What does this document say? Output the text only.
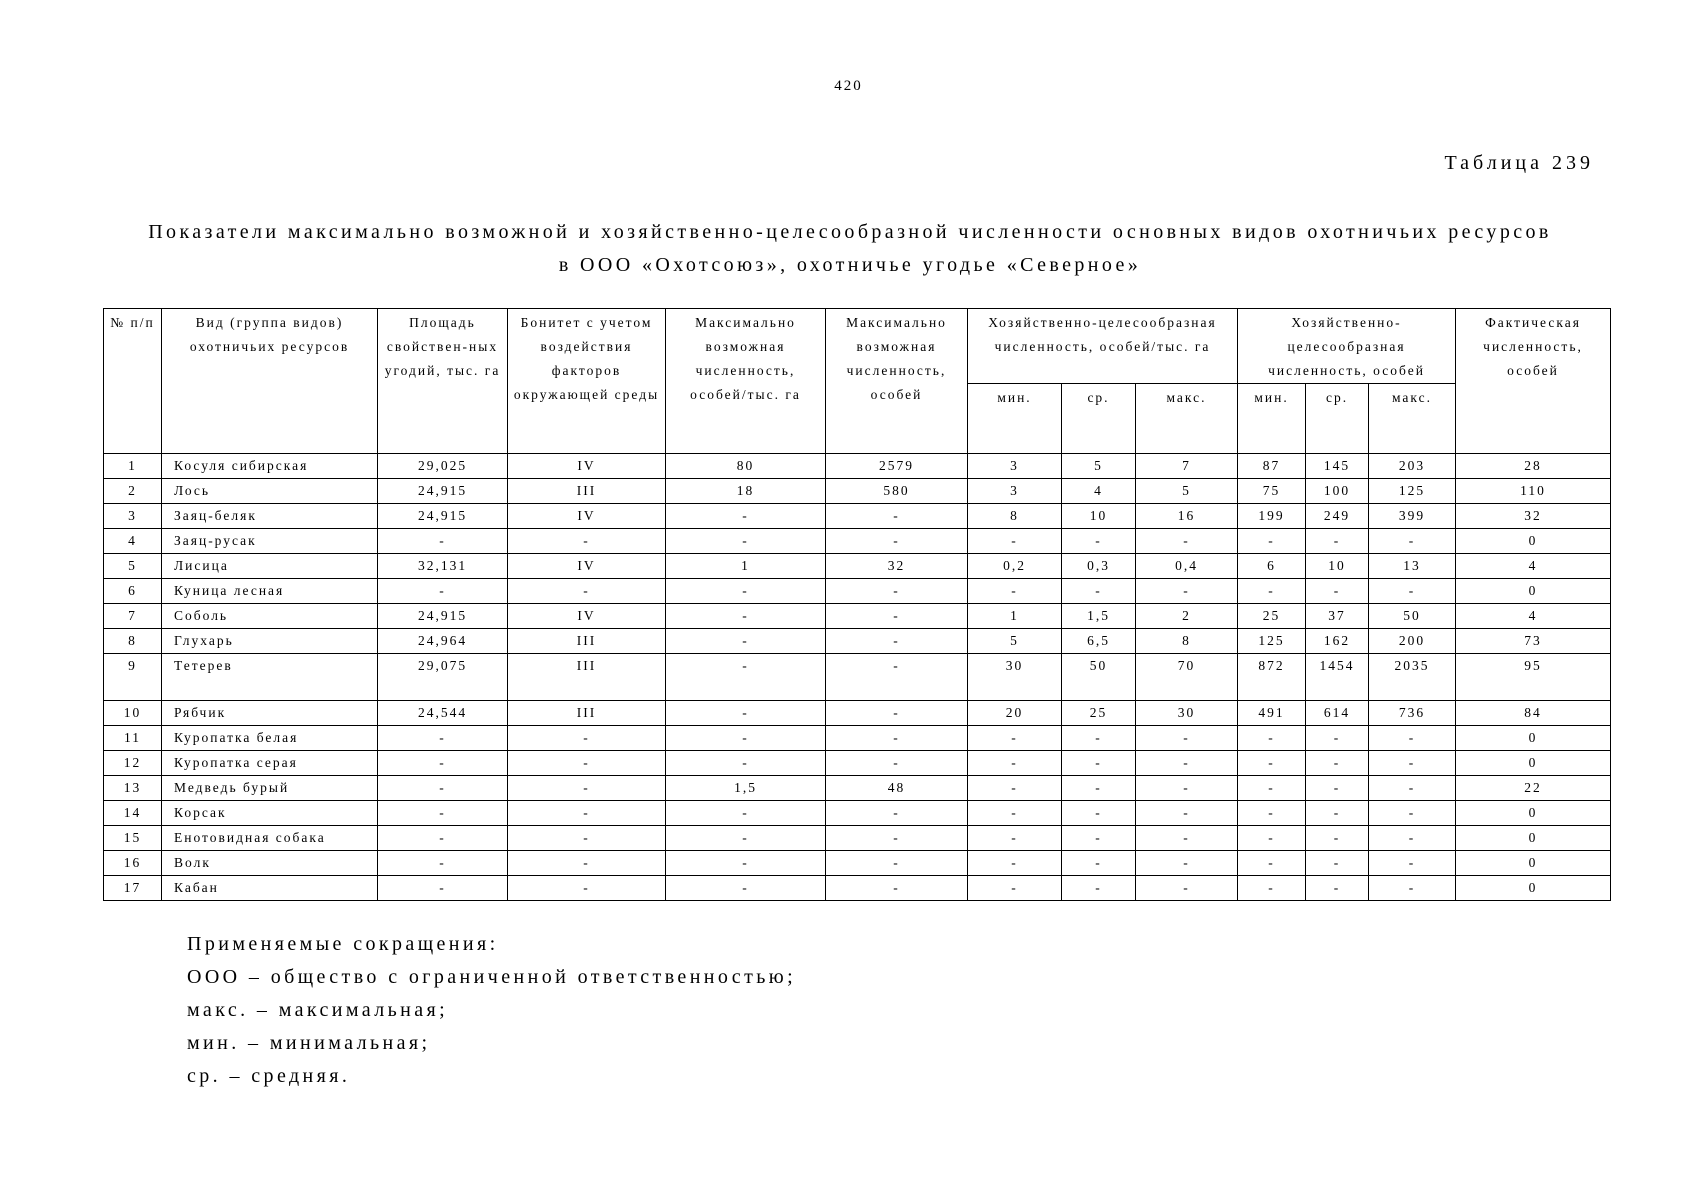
420
Таблица 239
Показатели максимально возможной и хозяйственно-целесообразной численности основных видов охотничьих ресурсов
в ООО «Охотсоюз», охотничье угодье «Северное»
№ п/п	Вид (группа видов) охотничьих ресурсов	Площадь свойствен-ных угодий, тыс. га	Бонитет с учетом воздействия факторов окружающей среды	Максимально возможная численность, особей/тыс. га	Максимально возможная численность, особей	Хозяйственно-целесообразная численность, особей/тыс. га			Хозяйственно-целесообразная численность, особей			Фактическая численность, особей
						мин.	ср.	макс.	мин.	ср.	макс.	
1	Косуля сибирская	29,025	IV	80	2579	3	5	7	87	145	203	28
2	Лось	24,915	III	18	580	3	4	5	75	100	125	110
3	Заяц-беляк	24,915	IV	-	-	8	10	16	199	249	399	32
4	Заяц-русак	-	-	-	-	-	-	-	-	-	-	0
5	Лисица	32,131	IV	1	32	0,2	0,3	0,4	6	10	13	4
6	Куница лесная	-	-	-	-	-	-	-	-	-	-	0
7	Соболь	24,915	IV	-	-	1	1,5	2	25	37	50	4
8	Глухарь	24,964	III	-	-	5	6,5	8	125	162	200	73
9	Тетерев	29,075	III	-	-	30	50	70	872	1454	2035	95
10	Рябчик	24,544	III	-	-	20	25	30	491	614	736	84
11	Куропатка белая	-	-	-	-	-	-	-	-	-	-	0
12	Куропатка серая	-	-	-	-	-	-	-	-	-	-	0
13	Медведь бурый	-	-	1,5	48	-	-	-	-	-	-	22
14	Корсак	-	-	-	-	-	-	-	-	-	-	0
15	Енотовидная собака	-	-	-	-	-	-	-	-	-	-	0
16	Волк	-	-	-	-	-	-	-	-	-	-	0
17	Кабан	-	-	-	-	-	-	-	-	-	-	0
Применяемые сокращения:
ООО – общество с ограниченной ответственностью;
макс. – максимальная;
мин. – минимальная;
ср. – средняя.
